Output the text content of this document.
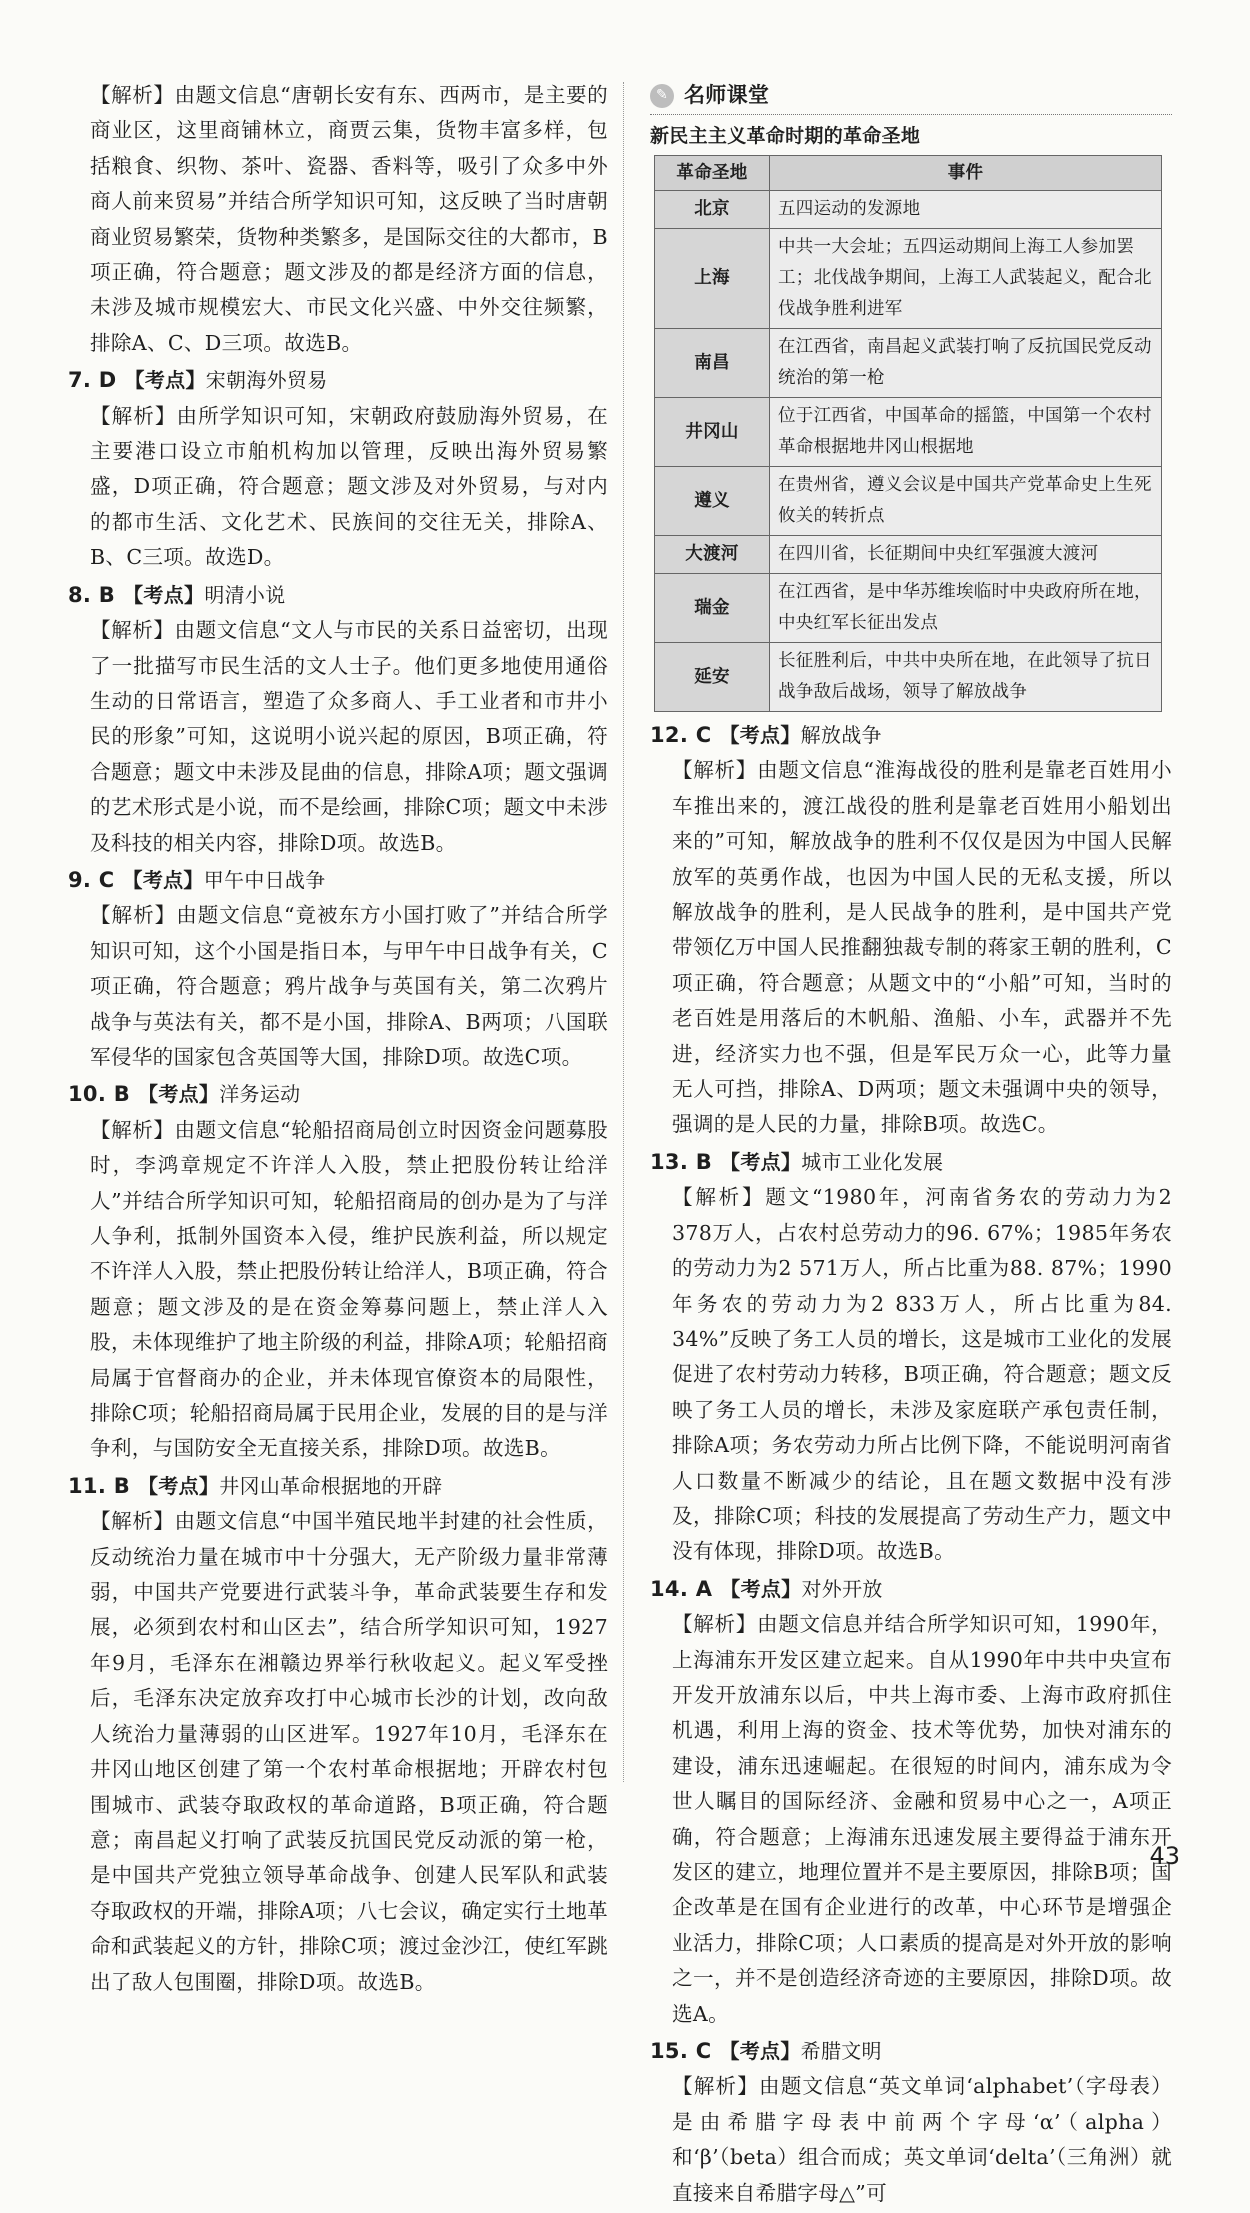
【解析】由题文信息“唐朝长安有东、西两市，是主要的商业区，这里商铺林立，商贾云集，货物丰富多样，包括粮食、织物、茶叶、瓷器、香料等，吸引了众多中外商人前来贸易”并结合所学知识可知，这反映了当时唐朝商业贸易繁荣，货物种类繁多，是国际交往的大都市，B项正确，符合题意；题文涉及的都是经济方面的信息，未涉及城市规模宏大、市民文化兴盛、中外交往频繁，排除A、C、D三项。故选B。

7. D 【考点】宋朝海外贸易

【解析】由所学知识可知，宋朝政府鼓励海外贸易，在主要港口设立市舶机构加以管理，反映出海外贸易繁盛，D项正确，符合题意；题文涉及对外贸易，与对内的都市生活、文化艺术、民族间的交往无关，排除A、B、C三项。故选D。

8. B 【考点】明清小说

【解析】由题文信息“文人与市民的关系日益密切，出现了一批描写市民生活的文人士子。他们更多地使用通俗生动的日常语言，塑造了众多商人、手工业者和市井小民的形象”可知，这说明小说兴起的原因，B项正确，符合题意；题文中未涉及昆曲的信息，排除A项；题文强调的艺术形式是小说，而不是绘画，排除C项；题文中未涉及科技的相关内容，排除D项。故选B。

9. C 【考点】甲午中日战争

【解析】由题文信息“竟被东方小国打败了”并结合所学知识可知，这个小国是指日本，与甲午中日战争有关，C项正确，符合题意；鸦片战争与英国有关，第二次鸦片战争与英法有关，都不是小国，排除A、B两项；八国联军侵华的国家包含英国等大国，排除D项。故选C项。

10. B 【考点】洋务运动

【解析】由题文信息“轮船招商局创立时因资金问题募股时，李鸿章规定不许洋人入股，禁止把股份转让给洋人”并结合所学知识可知，轮船招商局的创办是为了与洋人争利，抵制外国资本入侵，维护民族利益，所以规定不许洋人入股，禁止把股份转让给洋人，B项正确，符合题意；题文涉及的是在资金筹募问题上，禁止洋人入股，未体现维护了地主阶级的利益，排除A项；轮船招商局属于官督商办的企业，并未体现官僚资本的局限性，排除C项；轮船招商局属于民用企业，发展的目的是与洋争利，与国防安全无直接关系，排除D项。故选B。

11. B 【考点】井冈山革命根据地的开辟

【解析】由题文信息“中国半殖民地半封建的社会性质，反动统治力量在城市中十分强大，无产阶级力量非常薄弱，中国共产党要进行武装斗争，革命武装要生存和发展，必须到农村和山区去”，结合所学知识可知，1927年9月，毛泽东在湘赣边界举行秋收起义。起义军受挫后，毛泽东决定放弃攻打中心城市长沙的计划，改向敌人统治力量薄弱的山区进军。1927年10月，毛泽东在井冈山地区创建了第一个农村革命根据地；开辟农村包围城市、武装夺取政权的革命道路，B项正确，符合题意；南昌起义打响了武装反抗国民党反动派的第一枪，是中国共产党独立领导革命战争、创建人民军队和武装夺取政权的开端，排除A项；八七会议，确定实行土地革命和武装起义的方针，排除C项；渡过金沙江，使红军跳出了敌人包围圈，排除D项。故选B。

✎ 名师课堂
新民主主义革命时期的革命圣地
革命圣地	事件
北京	五四运动的发源地
上海	中共一大会址；五四运动期间上海工人参加罢工；北伐战争期间，上海工人武装起义，配合北伐战争胜利进军
南昌	在江西省，南昌起义武装打响了反抗国民党反动统治的第一枪
井冈山	位于江西省，中国革命的摇篮，中国第一个农村革命根据地井冈山根据地
遵义	在贵州省，遵义会议是中国共产党革命史上生死攸关的转折点
大渡河	在四川省，长征期间中央红军强渡大渡河
瑞金	在江西省，是中华苏维埃临时中央政府所在地，中央红军长征出发点
延安	长征胜利后，中共中央所在地，在此领导了抗日战争敌后战场，领导了解放战争

12. C 【考点】解放战争

【解析】由题文信息“淮海战役的胜利是靠老百姓用小车推出来的，渡江战役的胜利是靠老百姓用小船划出来的”可知，解放战争的胜利不仅仅是因为中国人民解放军的英勇作战，也因为中国人民的无私支援，所以解放战争的胜利，是人民战争的胜利，是中国共产党带领亿万中国人民推翻独裁专制的蒋家王朝的胜利，C项正确，符合题意；从题文中的“小船”可知，当时的老百姓是用落后的木帆船、渔船、小车，武器并不先进，经济实力也不强，但是军民万众一心，此等力量无人可挡，排除A、D两项；题文未强调中央的领导，强调的是人民的力量，排除B项。故选C。

13. B 【考点】城市工业化发展

【解析】题文“1980年，河南省务农的劳动力为2 378万人，占农村总劳动力的96. 67%；1985年务农的劳动力为2 571万人，所占比重为88. 87%；1990年务农的劳动力为2 833万人，所占比重为84. 34%”反映了务工人员的增长，这是城市工业化的发展促进了农村劳动力转移，B项正确，符合题意；题文反映了务工人员的增长，未涉及家庭联产承包责任制，排除A项；务农劳动力所占比例下降，不能说明河南省人口数量不断减少的结论，且在题文数据中没有涉及，排除C项；科技的发展提高了劳动生产力，题文中没有体现，排除D项。故选B。

14. A 【考点】对外开放

【解析】由题文信息并结合所学知识可知，1990年，上海浦东开发区建立起来。自从1990年中共中央宣布开发开放浦东以后，中共上海市委、上海市政府抓住机遇，利用上海的资金、技术等优势，加快对浦东的建设，浦东迅速崛起。在很短的时间内，浦东成为令世人瞩目的国际经济、金融和贸易中心之一，A项正确，符合题意；上海浦东迅速发展主要得益于浦东开发区的建立，地理位置并不是主要原因，排除B项；国企改革是在国有企业进行的改革，中心环节是增强企业活力，排除C项；人口素质的提高是对外开放的影响之一，并不是创造经济奇迹的主要原因，排除D项。故选A。

15. C 【考点】希腊文明

【解析】由题文信息“英文单词‘alphabet’（字母表）是由希腊字母表中前两个字母‘α’（alpha）和‘β’（beta）组合而成；英文单词‘delta’（三角洲）就直接来自希腊字母△”可

43
